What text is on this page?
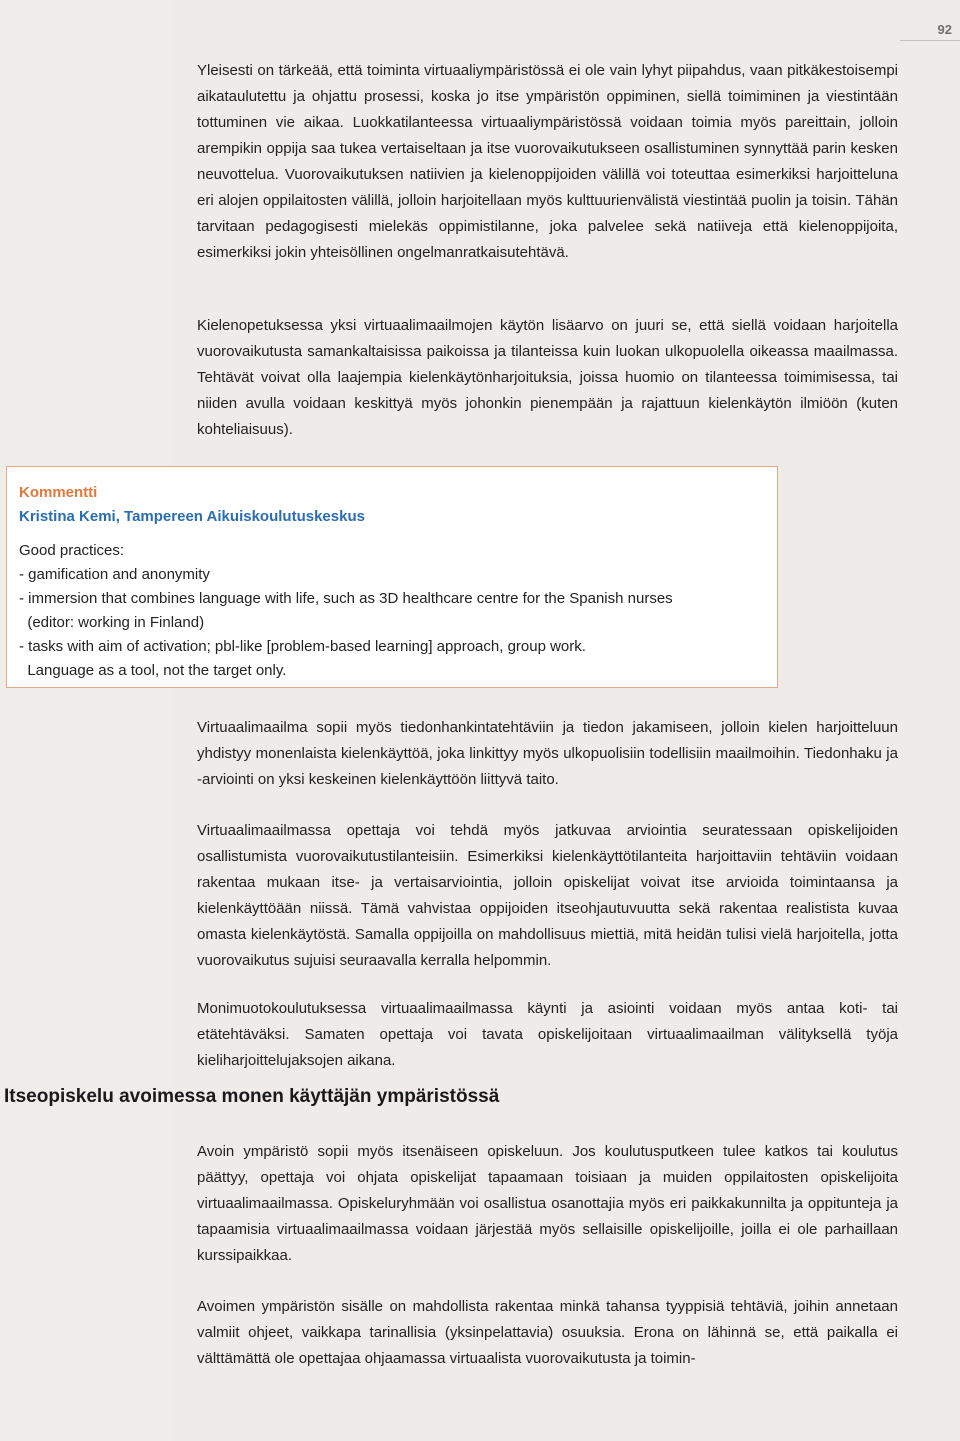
92

Yleisesti on tärkeää, että toiminta virtuaaliympäristössä ei ole vain lyhyt piipahdus, vaan pitkäkestoisempi aikataulutettu ja ohjattu prosessi, koska jo itse ympäristön oppiminen, siellä toimiminen ja viestintään tottuminen vie aikaa. Luokkatilanteessa virtuaaliympäristössä voidaan toimia myös pareittain, jolloin arempikin oppija saa tukea vertaiseltaan ja itse vuorovaikutukseen osallistuminen synnyttää parin kesken neuvottelua. Vuorovaikutuksen natiivien ja kielenoppijoiden välillä voi toteuttaa esimerkiksi harjoitteluna eri alojen oppilaitosten välillä, jolloin harjoitellaan myös kulttuurienvälistä viestintää puolin ja toisin. Tähän tarvitaan pedagogisesti mielekäs oppimistilanne, joka palvelee sekä natiiveja että kielenoppijoita, esimerkiksi jokin yhteisöllinen ongelmanratkaisutehtävä.

Kielenopetuksessa yksi virtuaalimaailmojen käytön lisäarvo on juuri se, että siellä voidaan harjoitella vuorovaikutusta samankaltaisissa paikoissa ja tilanteissa kuin luokan ulkopuolella oikeassa maailmassa. Tehtävät voivat olla laajempia kielenkäytönharjoituksia, joissa huomio on tilanteessa toimimisessa, tai niiden avulla voidaan keskittyä myös johonkin pienempään ja rajattuun kielenkäytön ilmiöön (kuten kohteliaisuus).

Kommentti
Kristina Kemi, Tampereen Aikuiskoulutuskeskus
Good practices:
- gamification and anonymity
- immersion that combines language with life, such as 3D healthcare centre for the Spanish nurses
(editor: working in Finland)
- tasks with aim of activation; pbl-like [problem-based learning] approach, group work.
Language as a tool, not the target only.

Virtuaalimaailma sopii myös tiedonhankintatehtäviin ja tiedon jakamiseen, jolloin kielen harjoitteluun yhdistyy monenlaista kielenkäyttöä, joka linkittyy myös ulkopuolisiin todellisiin maailmoihin. Tiedonhaku ja -arviointi on yksi keskeinen kielenkäyttöön liittyvä taito.

Virtuaalimaailmassa opettaja voi tehdä myös jatkuvaa arviointia seuratessaan opiskelijoiden osallistumista vuorovaikutustilanteisiin. Esimerkiksi kielenkäyttötilanteita harjoittaviin tehtäviin voidaan rakentaa mukaan itse- ja vertaisarviointia, jolloin opiskelijat voivat itse arvioida toimintaansa ja kielenkäyttöään niissä. Tämä vahvistaa oppijoiden itseohjautuvuutta sekä rakentaa realistista kuvaa omasta kielenkäytöstä. Samalla oppijoilla on mahdollisuus miettiä, mitä heidän tulisi vielä harjoitella, jotta vuorovaikutus sujuisi seuraavalla kerralla helpommin.

Monimuotokoulutuksessa virtuaalimaailmassa käynti ja asiointi voidaan myös antaa koti- tai etätehtäväksi. Samaten opettaja voi tavata opiskelijoitaan virtuaalimaailman välityksellä työja kieliharjoittelujaksojen aikana.

Itseopiskelu avoimessa monen käyttäjän ympäristössä

Avoin ympäristö sopii myös itsenäiseen opiskeluun. Jos koulutusputkeen tulee katkos tai koulutus päättyy, opettaja voi ohjata opiskelijat tapaamaan toisiaan ja muiden oppilaitosten opiskelijoita virtuaalimaailmassa. Opiskeluryhmään voi osallistua osanottajia myös eri paikkakunnilta ja oppitunteja ja tapaamisia virtuaalimaailmassa voidaan järjestää myös sellaisille opiskelijoille, joilla ei ole parhaillaan kurssipaikkaa.

Avoimen ympäristön sisälle on mahdollista rakentaa minkä tahansa tyyppisiä tehtäviä, joihin annetaan valmiit ohjeet, vaikkapa tarinallisia (yksinpelattavia) osuuksia. Erona on lähinnä se, että paikalla ei välttämättä ole opettajaa ohjaamassa virtuaalista vuorovaikutusta ja toimin-
